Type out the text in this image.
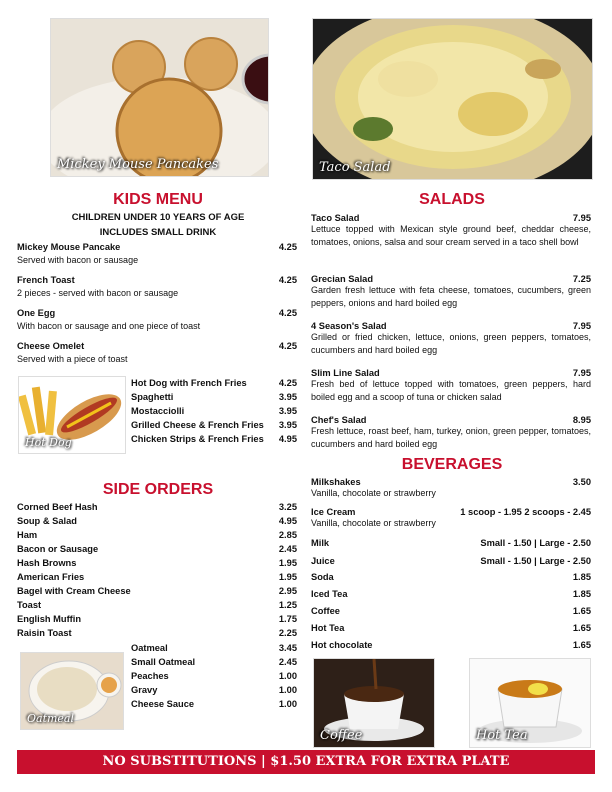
Mickey Mouse Pancakes	Taco Salad
Hot Dog
Oatmeal
Coffee	Hot Tea
KIDS MENU
CHILDREN UNDER 10 YEARS OF AGE
INCLUDES SMALL DRINK
Mickey Mouse Pancake	4.25
Served with bacon or sausage
French Toast	4.25
2 pieces - served with bacon or sausage
One Egg	4.25
With bacon or sausage and one piece of toast
Cheese Omelet	4.25
Served with a piece of toast
Hot Dog with French Fries	4.25
Spaghetti	3.95
Mostacciolli	3.95
Grilled Cheese & French Fries 3.95
Chicken Strips & French Fries 4.95
SIDE ORDERS
Corned Beef Hash	3.25
Soup & Salad	4.95
Ham	2.85
Bacon or Sausage	2.45
Hash Browns	1.95
American Fries	1.95
Bagel with Cream Cheese	2.95
Toast	1.25
English Muffin	1.75
Raisin Toast	2.25
Oatmeal	3.45
Small Oatmeal	2.45
Peaches	1.00
Gravy	1.00
Cheese Sauce	1.00
SALADS
Taco Salad	7.95
Lettuce topped with Mexican style ground beef, cheddar cheese, tomatoes, onions, salsa and sour cream served in a taco shell bowl
Grecian Salad	7.25
Garden fresh lettuce with feta cheese, tomatoes, cucumbers, green peppers, onions and hard boiled egg
4 Season's Salad	7.95
Grilled or fried chicken, lettuce, onions, green peppers, tomatoes, cucumbers and hard boiled egg
Slim Line Salad	7.95
Fresh bed of lettuce topped with tomatoes, green peppers, hard boiled egg and a scoop of tuna or chicken salad
Chef's Salad	8.95
Fresh lettuce, roast beef, ham, turkey, onion, green pepper, tomatoes, cucumbers and hard boiled egg
BEVERAGES
Milkshakes	3.50
Vanilla, chocolate or strawberry
Ice Cream	1 scoop - 1.95 2 scoops - 2.45
Vanilla, chocolate or strawberry
Milk	Small - 1.50 | Large - 2.50
Juice	Small - 1.50 | Large - 2.50
Soda	1.85
Iced Tea	1.85
Coffee	1.65
Hot Tea	1.65
Hot chocolate	1.65
NO SUBSTITUTIONS | $1.50 EXTRA FOR EXTRA PLATE
